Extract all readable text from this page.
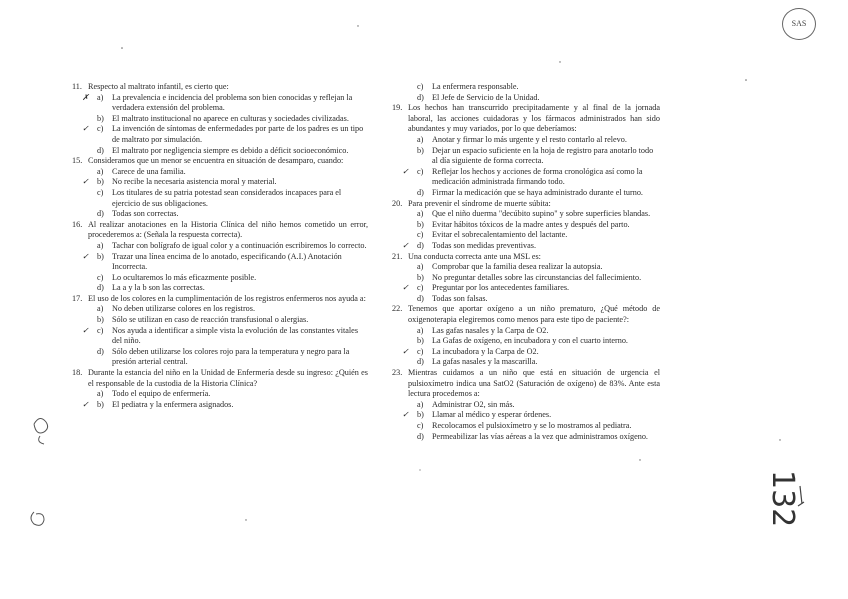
SAS
11. Respecto al maltrato infantil, es cierto que:
✗ a)	La prevalencia e incidencia del problema son bien conocidas y reflejan la verdadera extensión del problema.
b) El maltrato institucional no aparece en culturas y sociedades civilizadas.
✓ c)	La invención de síntomas de enfermedades por parte de los padres es un tipo de maltrato por simulación.
d) El maltrato por negligencia siempre es debido a déficit socioeconómico.
15. Consideramos que un menor se encuentra en situación de desamparo, cuando:
a)	Carece de una familia.
✓ b) No recibe la necesaria asistencia moral y material.
c)	Los titulares de su patria potestad sean considerados incapaces para el ejercicio de sus obligaciones.
d) Todas son correctas.
16. Al realizar anotaciones en la Historia Clínica del niño hemos cometido un error, procederemos a: (Señala la respuesta correcta).
a)	Tachar con bolígrafo de igual color y a continuación escribiremos lo correcto.
✓ b) Trazar una línea encima de lo anotado, especificando (A.I.) Anotación Incorrecta.
c)	Lo ocultaremos lo más eficazmente posible.
d) La a y la b son las correctas.
17. El uso de los colores en la cumplimentación de los registros enfermeros nos ayuda a:
a)	No deben utilizarse colores en los registros.
b) Sólo se utilizan en caso de reacción transfusional o alergias.
✓ c)	Nos ayuda a identificar a simple vista la evolución de las constantes vitales del niño.
d) Sólo deben utilizarse los colores rojo para la temperatura y negro para la presión arterial central.
18. Durante la estancia del niño en la Unidad de Enfermería desde su ingreso: ¿Quién es el responsable de la custodia de la Historia Clínica?
a)	Todo el equipo de enfermería.
✓ b) El pediatra y la enfermera asignados.
c)	La enfermera responsable.
d) El Jefe de Servicio de la Unidad.
19. Los hechos han transcurrido precipitadamente y al final de la jornada laboral, las acciones cuidadoras y los fármacos administrados han sido abundantes y muy variados, por lo que deberíamos:
a)	Anotar y firmar lo más urgente y el resto contarlo al relevo.
b) Dejar un espacio suficiente en la hoja de registro para anotarlo todo al día siguiente de forma correcta.
✓ c)	Reflejar los hechos y acciones de forma cronológica así como la medicación administrada firmando todo.
d) Firmar la medicación que se haya administrado durante el turno.
20. Para prevenir el síndrome de muerte súbita:
a)	Que el niño duerma "decúbito supino" y sobre superficies blandas.
b) Evitar hábitos tóxicos de la madre antes y después del parto.
c)	Evitar el sobrecalentamiento del lactante.
✓ d) Todas son medidas preventivas.
21. Una conducta correcta ante una MSL es:
a)	Comprobar que la familia desea realizar la autopsia.
b) No preguntar detalles sobre las circunstancias del fallecimiento.
✓ c)	Preguntar por los antecedentes familiares.
d) Todas son falsas.
22. Tenemos que aportar oxígeno a un niño prematuro, ¿Qué método de oxigenoterapia elegiremos como menos para este tipo de paciente?:
a)	Las gafas nasales y la Carpa de O2.
b) La Gafas de oxígeno, en incubadora y con el cuarto interno.
✓ c)	La incubadora y la Carpa de O2.
d) La gafas nasales y la mascarilla.
23. Mientras cuidamos a un niño que está en situación de urgencia el pulsioxímetro indica una SatO2 (Saturación de oxígeno) de 83%. Ante esta lectura procedemos a:
a)	Administrar O2, sin más.
✓ b) Llamar al médico y esperar órdenes.
c)	Recolocamos el pulsioxímetro y se lo mostramos al pediatra.
d) Permeabilizar las vías aéreas a la vez que administramos oxígeno.
132
